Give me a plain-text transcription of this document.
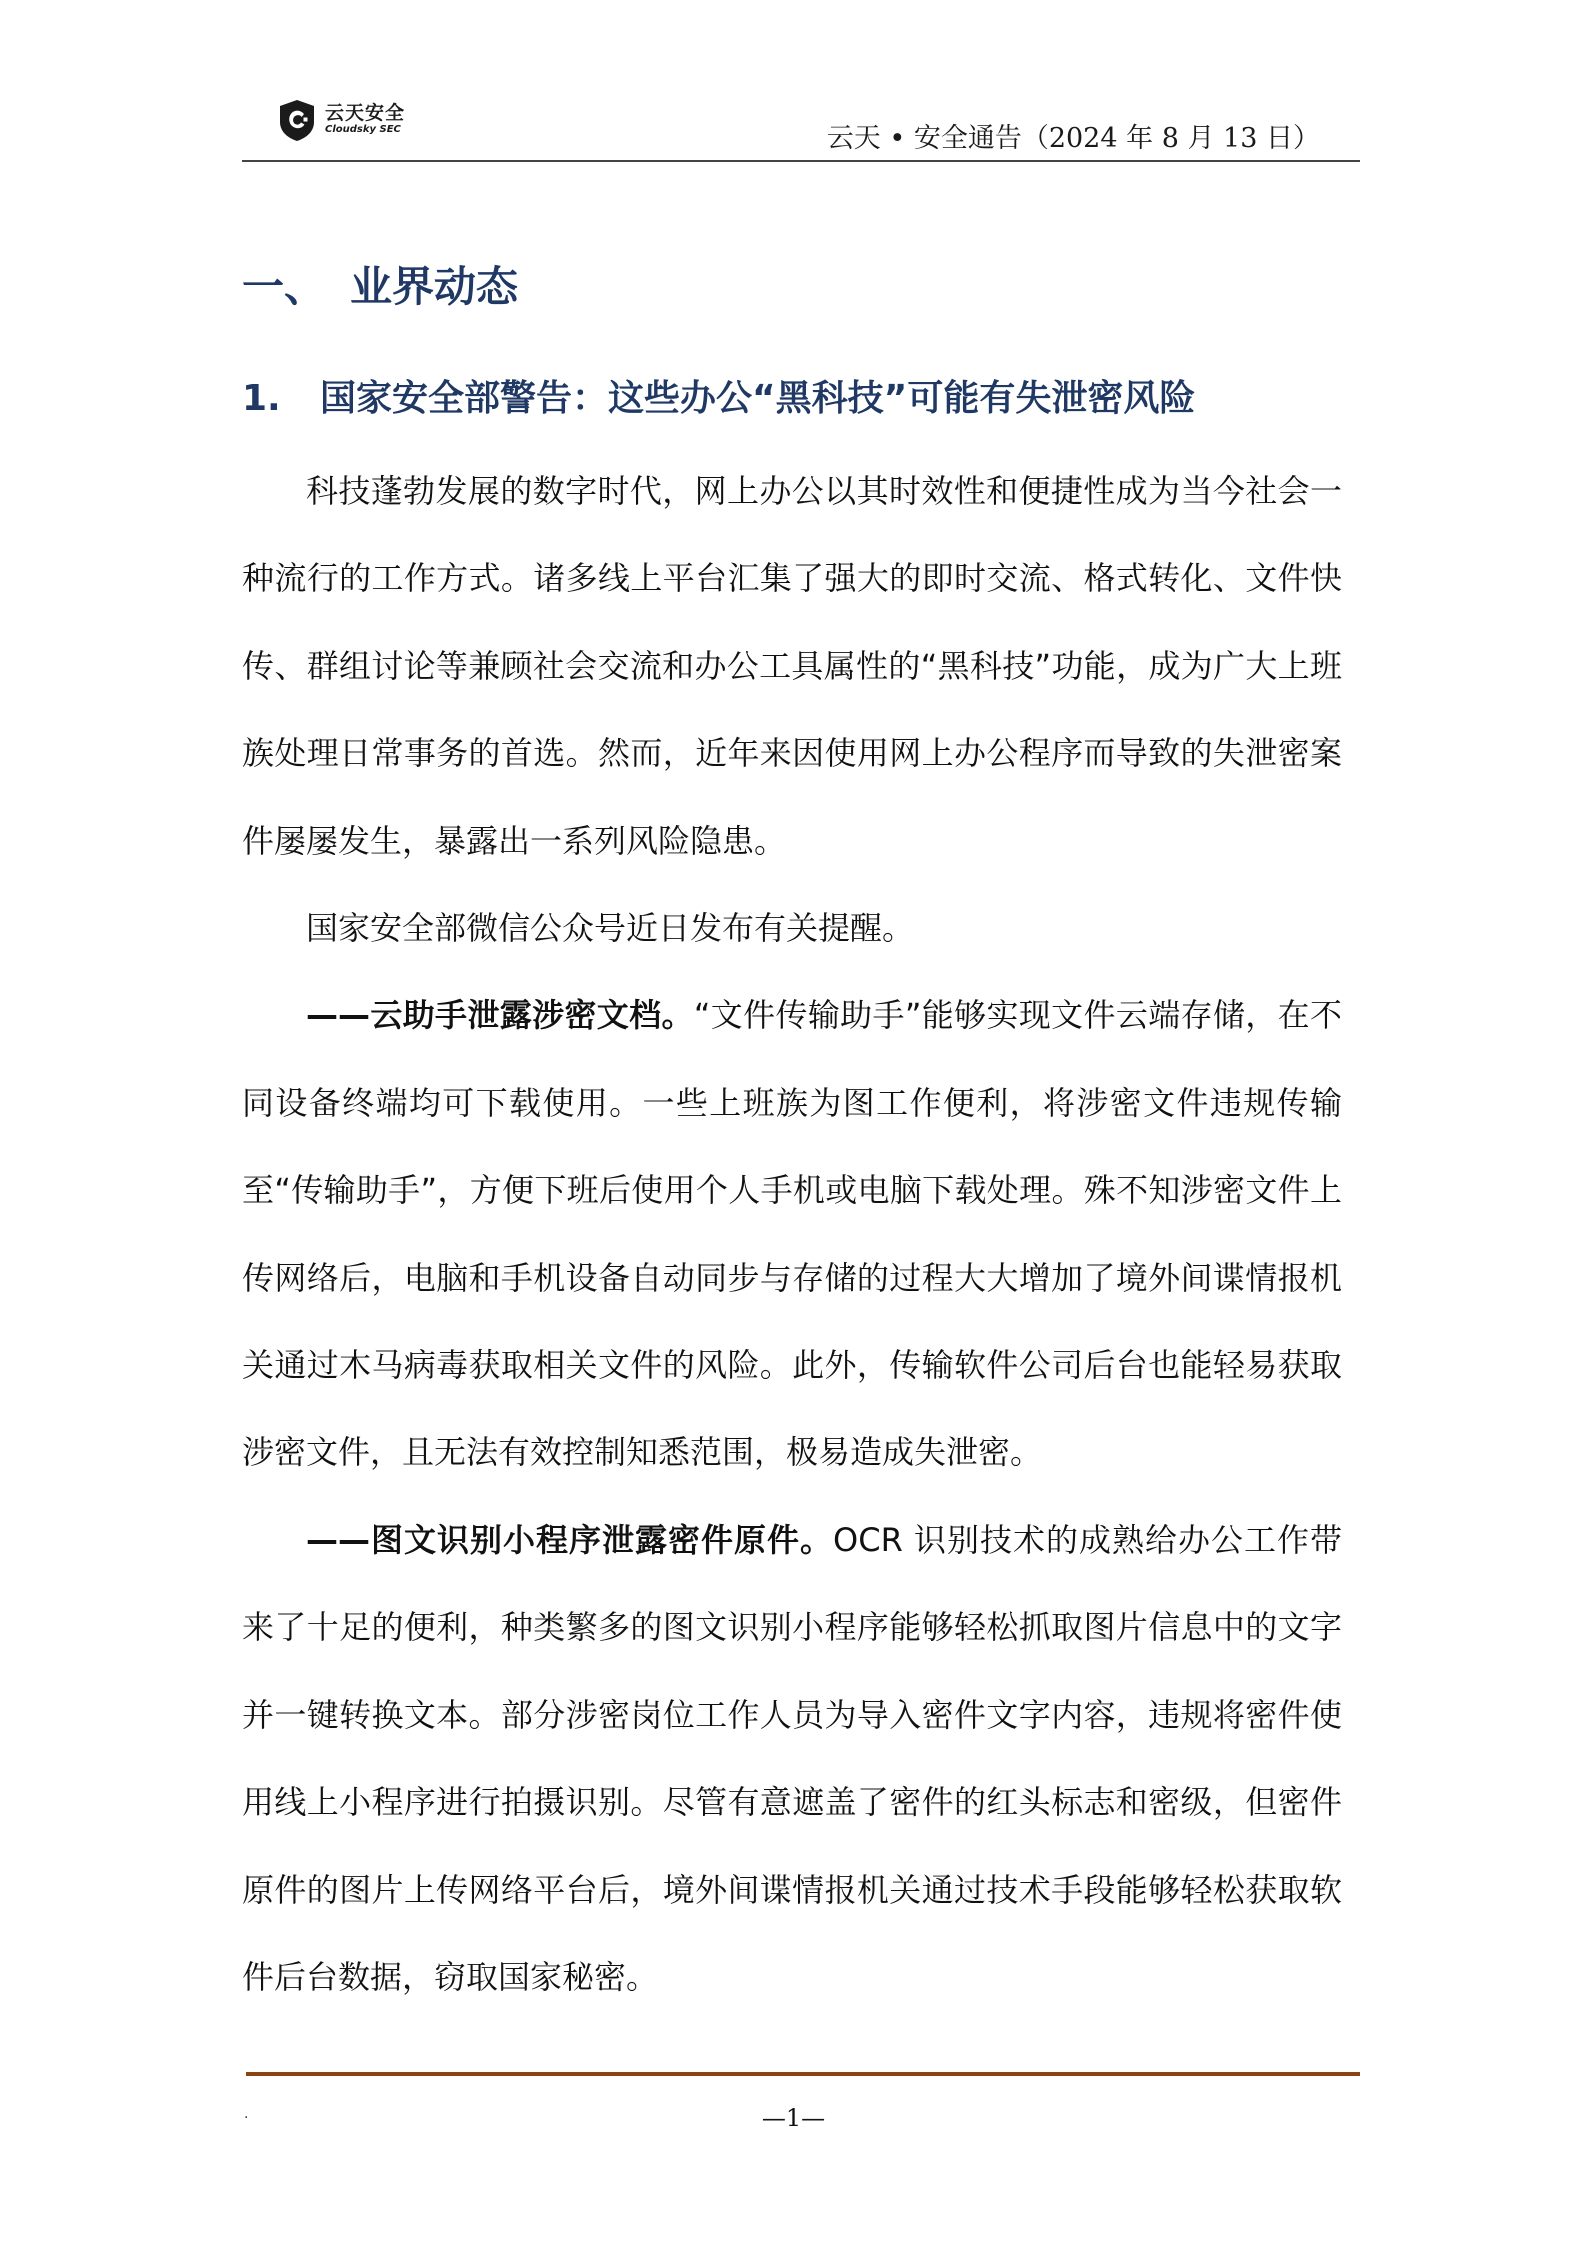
云天安全
Cloudsky SEC	云天 • 安全通告（2024 年 8 月 13 日）
一、 业界动态
1. 国家安全部警告：这些办公“黑科技”可能有失泄密风险

科技蓬勃发展的数字时代，网上办公以其时效性和便捷性成为当今社会一种流行的工作方式。诸多线上平台汇集了强大的即时交流、格式转化、文件快传、群组讨论等兼顾社会交流和办公工具属性的“黑科技”功能，成为广大上班族处理日常事务的首选。然而，近年来因使用网上办公程序而导致的失泄密案件屡屡发生，暴露出一系列风险隐患。

国家安全部微信公众号近日发布有关提醒。

——云助手泄露涉密文档。“文件传输助手”能够实现文件云端存储，在不同设备终端均可下载使用。一些上班族为图工作便利，将涉密文件违规传输至“传输助手”，方便下班后使用个人手机或电脑下载处理。殊不知涉密文件上传网络后，电脑和手机设备自动同步与存储的过程大大增加了境外间谍情报机关通过木马病毒获取相关文件的风险。此外，传输软件公司后台也能轻易获取涉密文件，且无法有效控制知悉范围，极易造成失泄密。

——图文识别小程序泄露密件原件。OCR 识别技术的成熟给办公工作带来了十足的便利，种类繁多的图文识别小程序能够轻松抓取图片信息中的文字并一键转换文本。部分涉密岗位工作人员为导入密件文字内容，违规将密件使用线上小程序进行拍摄识别。尽管有意遮盖了密件的红头标志和密级，但密件原件的图片上传网络平台后，境外间谍情报机关通过技术手段能够轻松获取软件后台数据，窃取国家秘密。

.	—1—
